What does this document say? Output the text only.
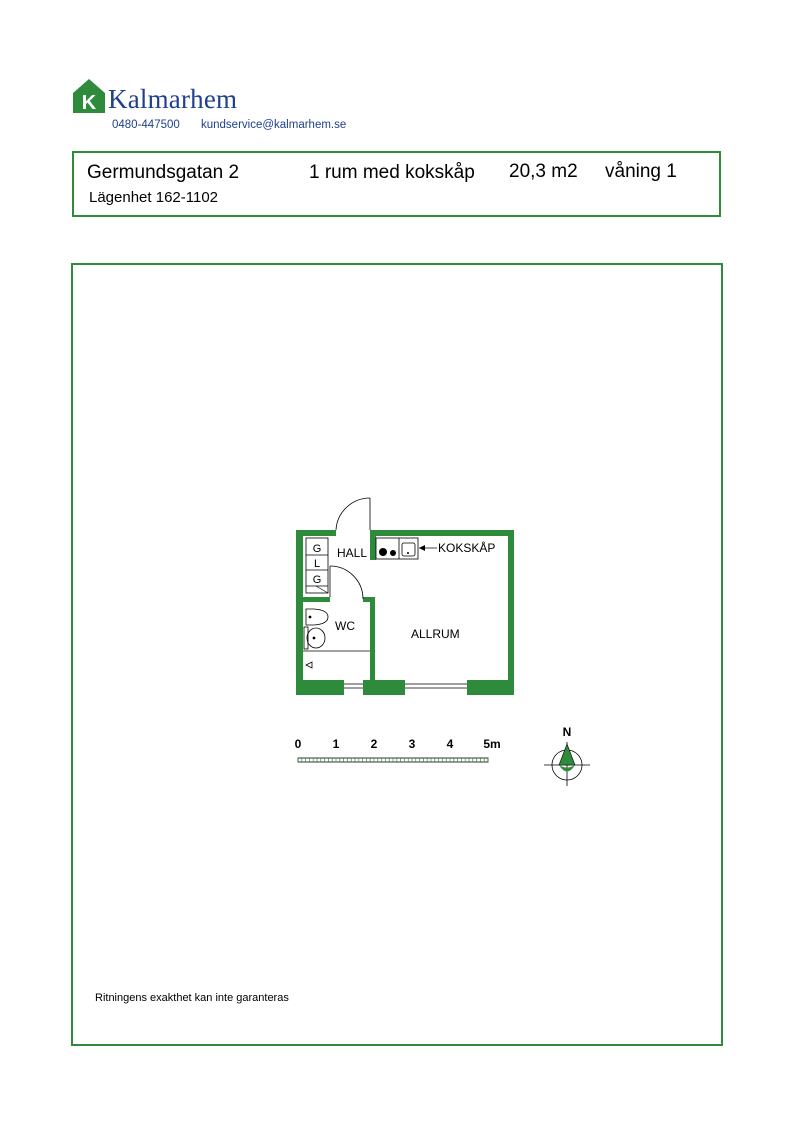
K Kalmarhem
0480-447500 kundservice@kalmarhem.se
Germundsgatan 2
Lägenhet 162-1102
1 rum med kokskåp 20,3 m2 våning 1
G
L
G
KOKSKÅP
HALL
WC
ALLRUM
0	1	2	3	4 5m
N
Ritningens exakthet kan inte garanteras
